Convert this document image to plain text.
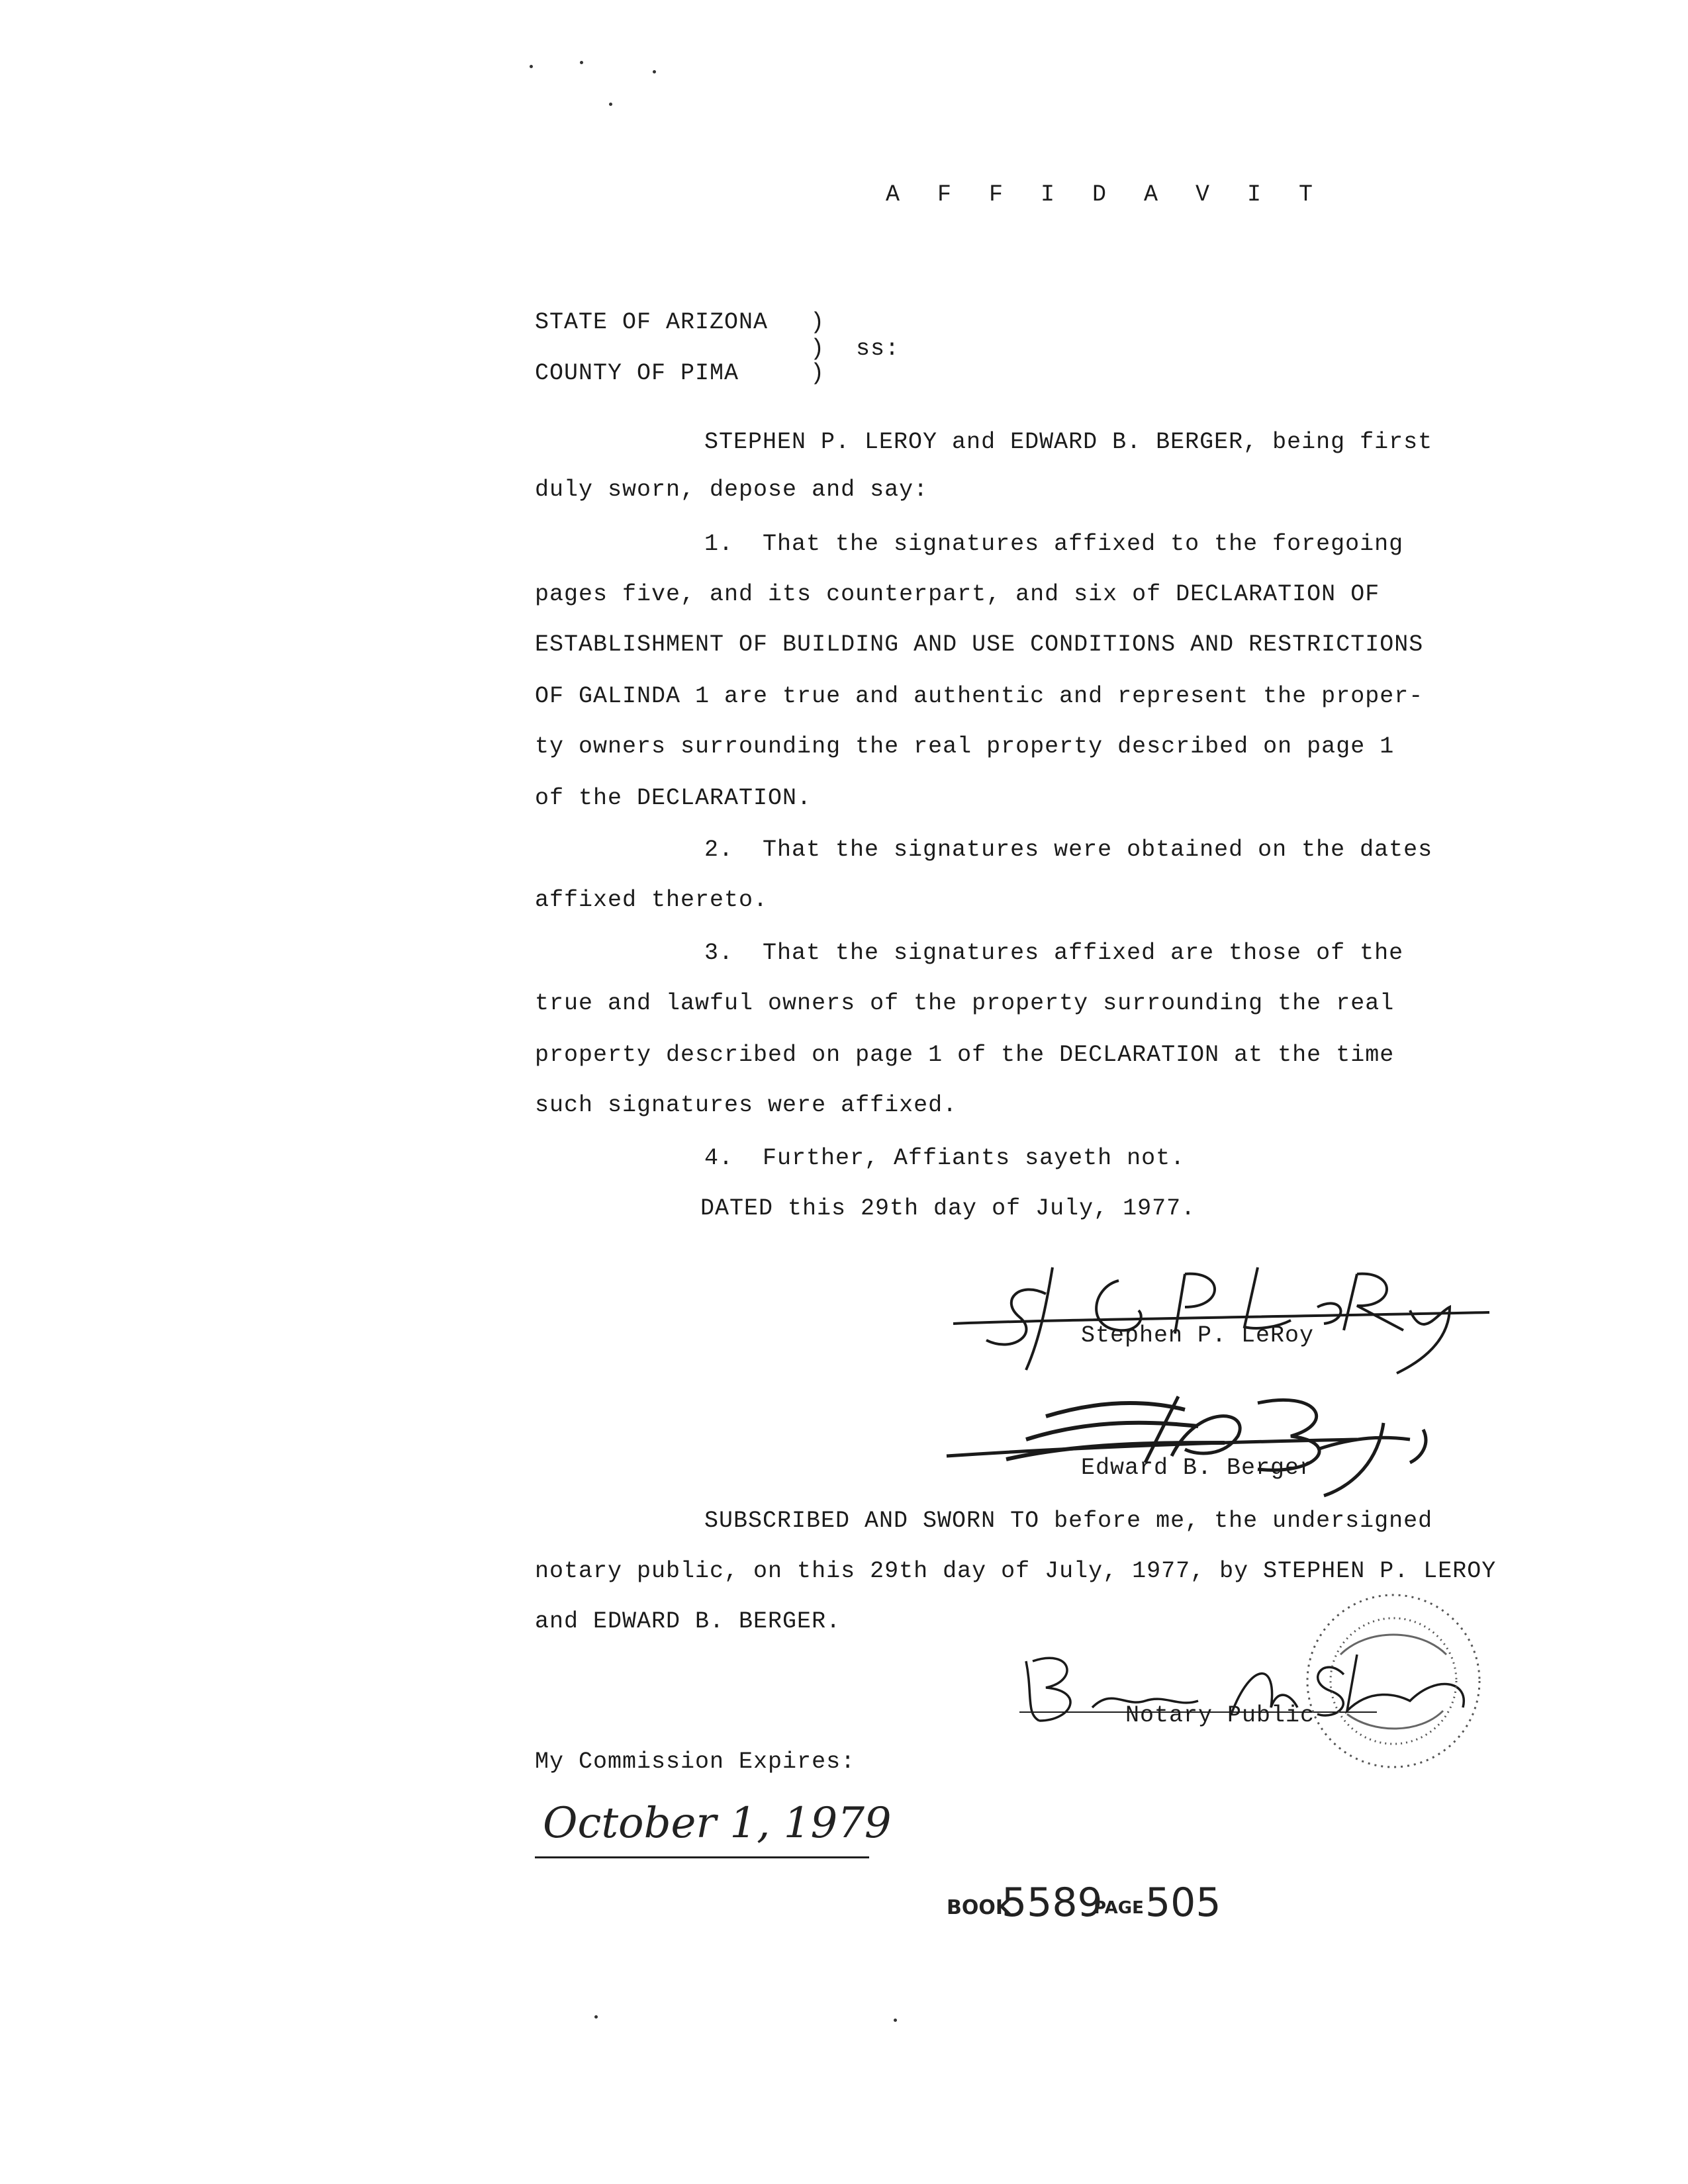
A F F I D A V I T
STATE OF ARIZONA )
) ss:
COUNTY OF PIMA	)
STEPHEN P. LEROY and EDWARD B. BERGER, being first
duly sworn, depose and say:
1.  That the signatures affixed to the foregoing
pages five, and its counterpart, and six of DECLARATION OF
ESTABLISHMENT OF BUILDING AND USE CONDITIONS AND RESTRICTIONS
OF GALINDA 1 are true and authentic and represent the proper-
ty owners surrounding the real property described on page 1
of the DECLARATION.
2.  That the signatures were obtained on the dates
affixed thereto.
3.  That the signatures affixed are those of the
true and lawful owners of the property surrounding the real
property described on page 1 of the DECLARATION at the time
such signatures were affixed.
4.  Further, Affiants sayeth not.
DATED this 29th day of July, 1977.
Stephen P. LeRoy
Edward B. Berger
SUBSCRIBED AND SWORN TO before me, the undersigned
notary public, on this 29th day of July, 1977, by STEPHEN P. LEROY
and EDWARD B. BERGER.
Notary Public
My Commission Expires:
October 1, 1979
BOOK
5589
PAGE 505
